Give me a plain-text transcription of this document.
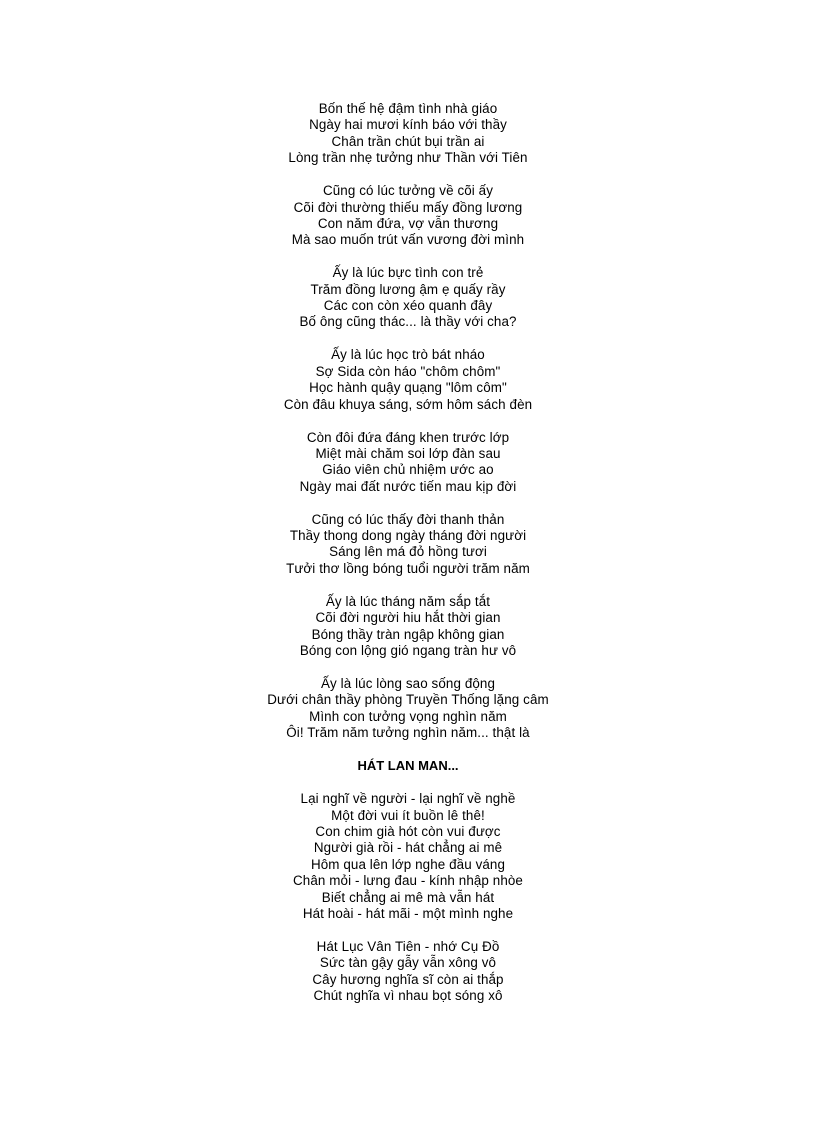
Bốn thế hệ đậm tình nhà giáo
Ngày hai mươi kính báo với thầy
Chân trần chút bụi trần ai
Lòng trần nhẹ tưởng như Thần với Tiên
Cũng có lúc tưởng về cõi ấy
Cõi đời thường thiếu mấy đồng lương
Con năm đứa, vợ vẫn thương
Mà sao muốn trút vấn vương đời mình
Ấy là lúc bực tình con trẻ
Trăm đồng lương ậm ẹ quấy rầy
Các con còn xéo quanh đây
Bố ông cũng thác... là thầy với cha?
Ấy là lúc học trò bát nháo
Sợ Sida còn háo "chôm chôm"
Học hành quậy quạng "lôm côm"
Còn đâu khuya sáng, sớm hôm sách đèn
Còn đôi đứa đáng khen trước lớp
Miệt mài chăm soi lớp đàn sau
Giáo viên chủ nhiệm ước ao
Ngày mai đất nước tiến mau kịp đời
Cũng có lúc thấy đời thanh thản
Thầy thong dong ngày tháng đời người
Sáng lên má đỏ hồng tươi
Tưởi thơ lồng bóng tuổi người trăm năm
Ấy là lúc tháng năm sắp tắt
Cõi đời người hiu hắt thời gian
Bóng thầy tràn ngập không gian
Bóng con lộng gió ngang tràn hư vô
Ấy là lúc lòng sao sống động
Dưới chân thầy phòng Truyền Thống lặng câm
Mình con tưởng vọng nghìn năm
Ôi! Trăm năm tưởng nghìn năm... thật là
HÁT LAN MAN...
Lại nghĩ về người - lại nghĩ về nghề
Một đời vui ít buồn lê thê!
Con chim già hót còn vui được
Người già rồi - hát chẳng ai mê
Hôm qua lên lớp nghe đầu váng
Chân mỏi - lưng đau - kính nhập nhòe
Biết chẳng ai mê mà vẫn hát
Hát hoài - hát mãi - một mình nghe
Hát Lục Vân Tiên - nhớ Cụ Đồ
Sức tàn gậy gẫy vẫn xông vô
Cây hương nghĩa sĩ còn ai thắp
Chút nghĩa vì nhau bọt sóng xô
